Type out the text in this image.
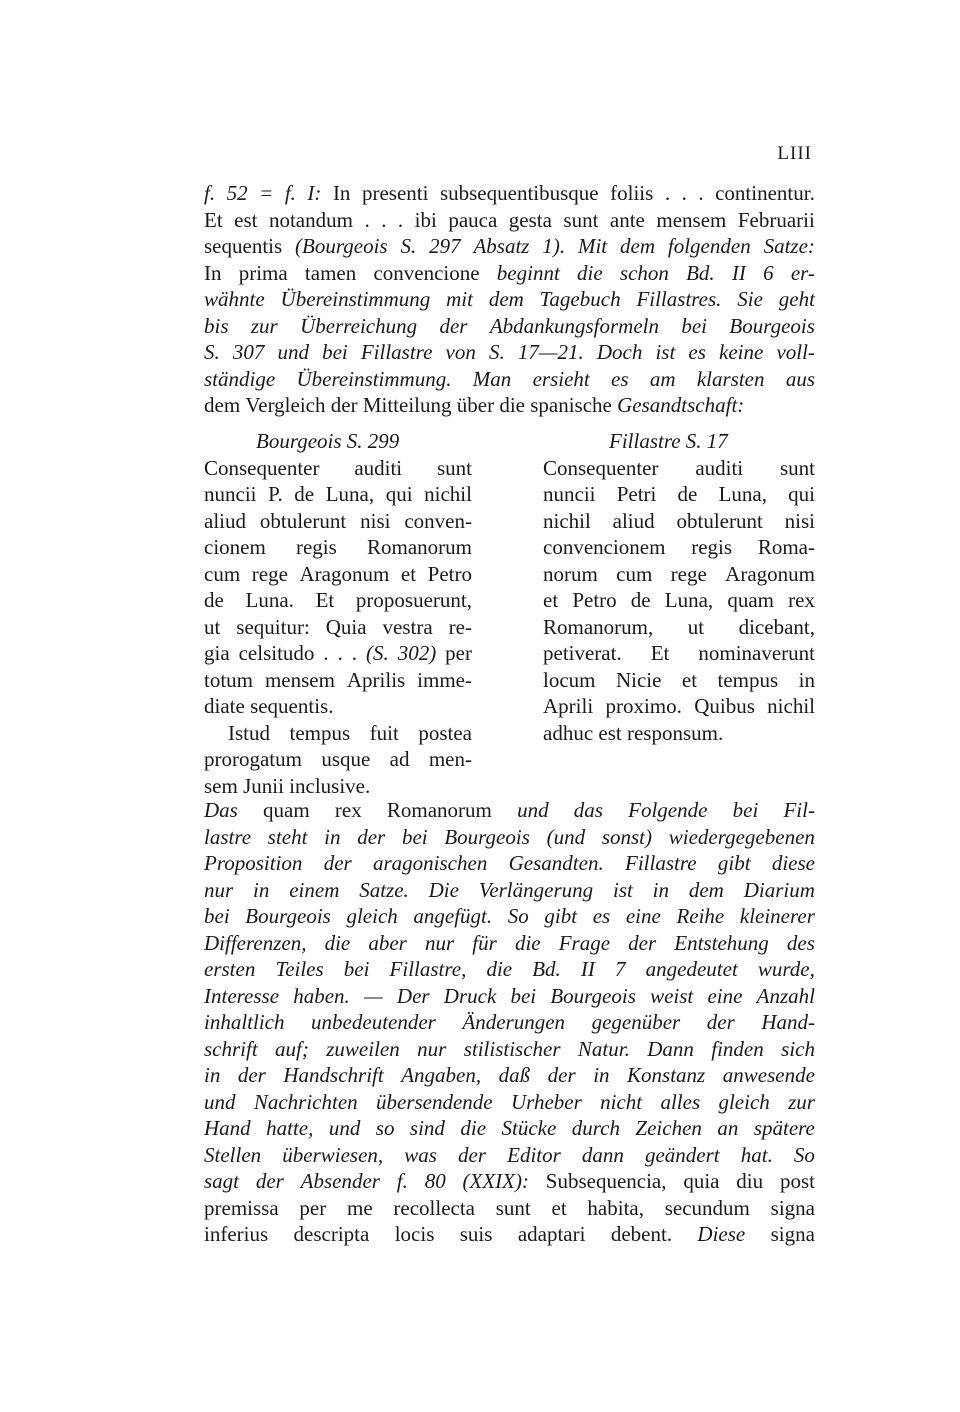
LIII
f. 52 = f. I: In presenti subsequentibusque foliis . . . continentur.
Et est notandum . . . ibi pauca gesta sunt ante mensem Februarii
sequentis (Bourgeois S. 297 Absatz 1). Mit dem folgenden Satze:
In prima tamen convencione beginnt die schon Bd. II 6 er-
wähnte Übereinstimmung mit dem Tagebuch Fillastres. Sie geht
bis zur Überreichung der Abdankungsformeln bei Bourgeois
S. 307 und bei Fillastre von S. 17—21. Doch ist es keine voll-
ständige Übereinstimmung. Man ersieht es am klarsten aus
dem
Vergleich
der
Mitteilung
über
die
spanische
Gesandtschaft:
Bourgeois S. 299
Consequenter auditi sunt
nuncii P. de Luna, qui nichil
aliud obtulerunt nisi conven-
cionem regis Romanorum
cum rege Aragonum et Petro
de Luna. Et proposuerunt,
ut sequitur: Quia vestra re-
gia celsitudo . . . (S. 302) per
totum mensem Aprilis imme-
diate
sequentis.
Istud tempus fuit postea
prorogatum usque ad men-
sem
Junii
inclusive.
Fillastre S. 17
Consequenter auditi sunt
nuncii Petri de Luna, qui
nichil aliud obtulerunt nisi
convencionem regis Roma-
norum cum rege Aragonum
et Petro de Luna, quam rex
Romanorum, ut dicebant,
petiverat. Et nominaverunt
locum Nicie et tempus in
Aprili proximo. Quibus nichil
adhuc
est
responsum.
Das quam rex Romanorum und das Folgende bei Fil-
lastre steht in der bei Bourgeois (und sonst) wiedergegebenen
Proposition der aragonischen Gesandten. Fillastre gibt diese
nur in einem Satze. Die Verlängerung ist in dem Diarium
bei Bourgeois gleich angefügt. So gibt es eine Reihe kleinerer
Differenzen, die aber nur für die Frage der Entstehung des
ersten Teiles bei Fillastre, die Bd. II 7 angedeutet wurde,
Interesse haben. — Der Druck bei Bourgeois weist eine Anzahl
inhaltlich unbedeutender Änderungen gegenüber der Hand-
schrift auf; zuweilen nur stilistischer Natur. Dann finden sich
in der Handschrift Angaben, daß der in Konstanz anwesende
und Nachrichten übersendende Urheber nicht alles gleich zur
Hand hatte, und so sind die Stücke durch Zeichen an spätere
Stellen überwiesen, was der Editor dann geändert hat. So
sagt der Absender f. 80 (XXIX): Subsequencia, quia diu post
premissa per me recollecta sunt et habita, secundum signa
inferius descripta locis suis adaptari debent. Diese signa
